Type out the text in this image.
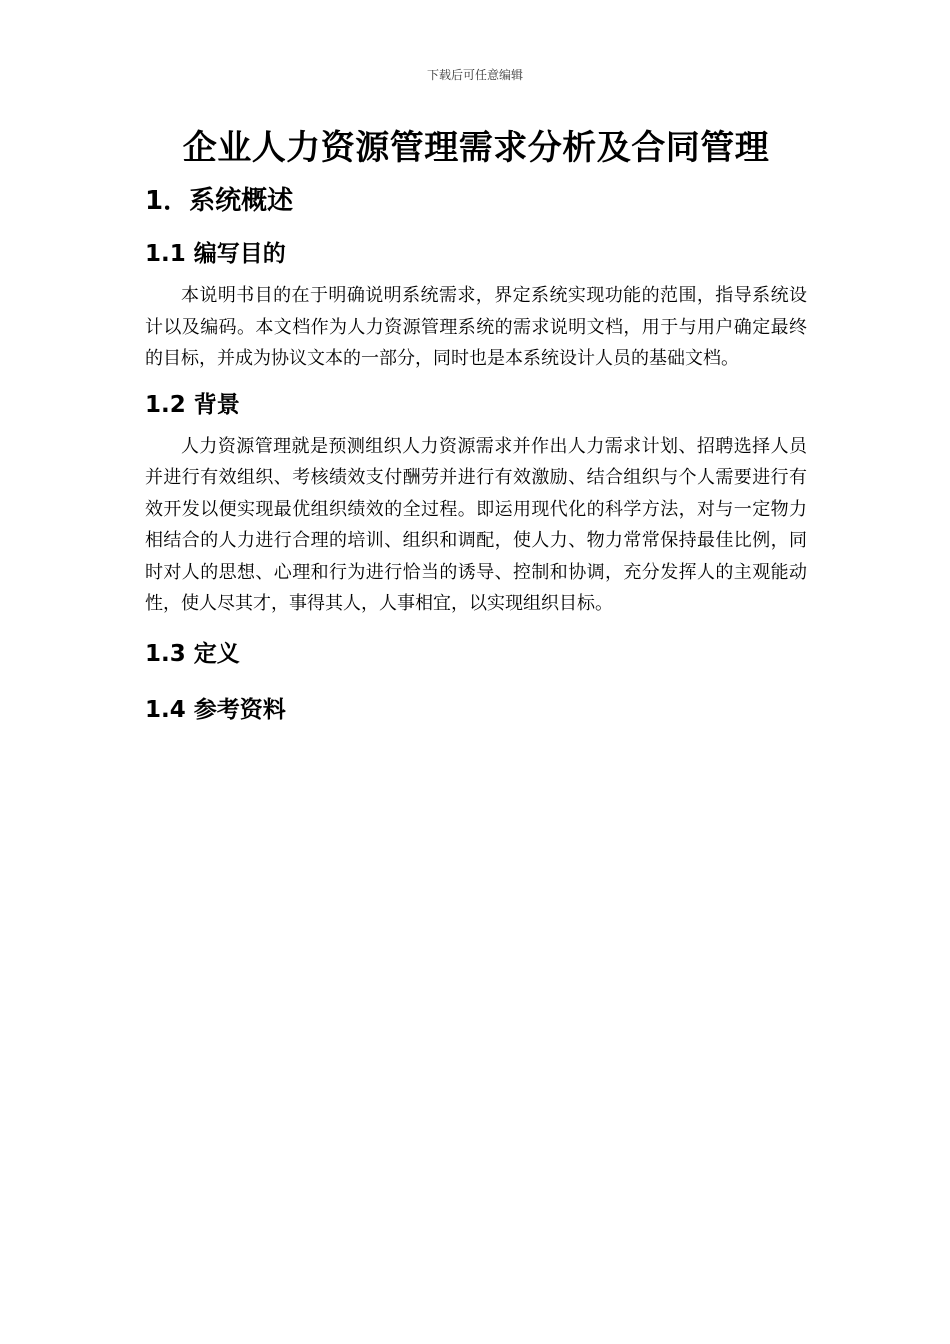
下载后可任意编辑
企业人力资源管理需求分析及合同管理
1．系统概述
1.1 编写目的

本说明书目的在于明确说明系统需求，界定系统实现功能的范围，指导系统设计以及编码。本文档作为人力资源管理系统的需求说明文档，用于与用户确定最终的目标，并成为协议文本的一部分，同时也是本系统设计人员的基础文档。

1.2 背景

人力资源管理就是预测组织人力资源需求并作出人力需求计划、招聘选择人员并进行有效组织、考核绩效支付酬劳并进行有效激励、结合组织与个人需要进行有效开发以便实现最优组织绩效的全过程。即运用现代化的科学方法，对与一定物力相结合的人力进行合理的培训、组织和调配，使人力、物力常常保持最佳比例，同时对人的思想、心理和行为进行恰当的诱导、控制和协调，充分发挥人的主观能动性，使人尽其才，事得其人，人事相宜，以实现组织目标。

1.3 定义
1.4 参考资料
